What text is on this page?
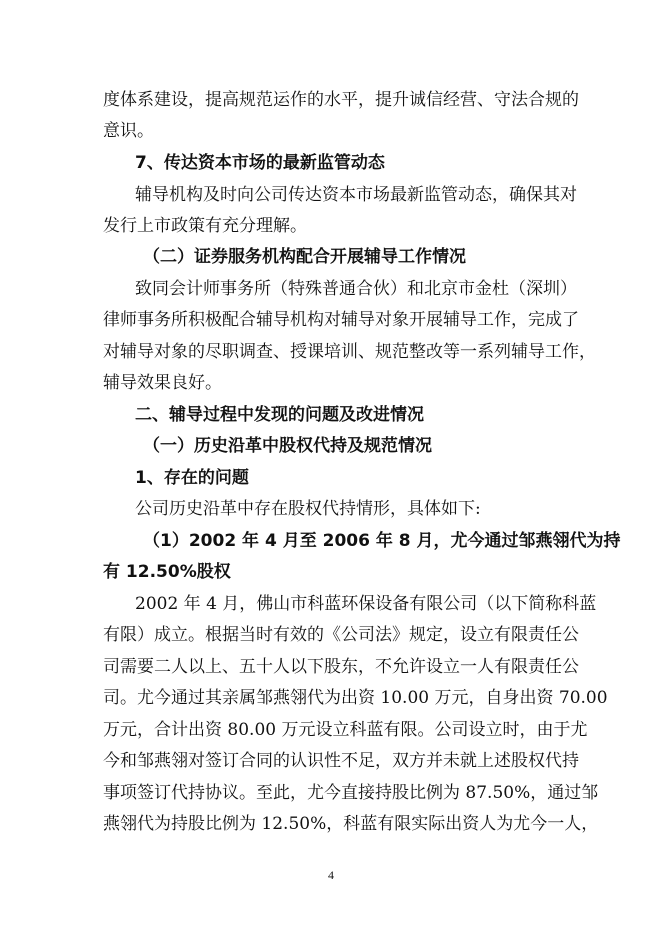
度体系建设，提高规范运作的水平，提升诚信经营、守法合规的
意识。
7、传达资本市场的最新监管动态
辅导机构及时向公司传达资本市场最新监管动态，确保其对
发行上市政策有充分理解。
（二）证券服务机构配合开展辅导工作情况
致同会计师事务所（特殊普通合伙）和北京市金杜（深圳）
律师事务所积极配合辅导机构对辅导对象开展辅导工作，完成了
对辅导对象的尽职调查、授课培训、规范整改等一系列辅导工作，
辅导效果良好。
二、辅导过程中发现的问题及改进情况
（一）历史沿革中股权代持及规范情况
1、存在的问题
公司历史沿革中存在股权代持情形，具体如下:
（1）2002 年 4 月至 2006 年 8 月，尤今通过邹燕翎代为持
有 12.50%股权
2002 年 4 月，佛山市科蓝环保设备有限公司（以下简称科蓝
有限）成立。根据当时有效的《公司法》规定，设立有限责任公
司需要二人以上、五十人以下股东，不允许设立一人有限责任公
司。尤今通过其亲属邹燕翎代为出资 10.00 万元，自身出资 70.00
万元，合计出资 80.00 万元设立科蓝有限。公司设立时，由于尤
今和邹燕翎对签订合同的认识性不足，双方并未就上述股权代持
事项签订代持协议。至此，尤今直接持股比例为 87.50%，通过邹
燕翎代为持股比例为 12.50%，科蓝有限实际出资人为尤今一人，
4
